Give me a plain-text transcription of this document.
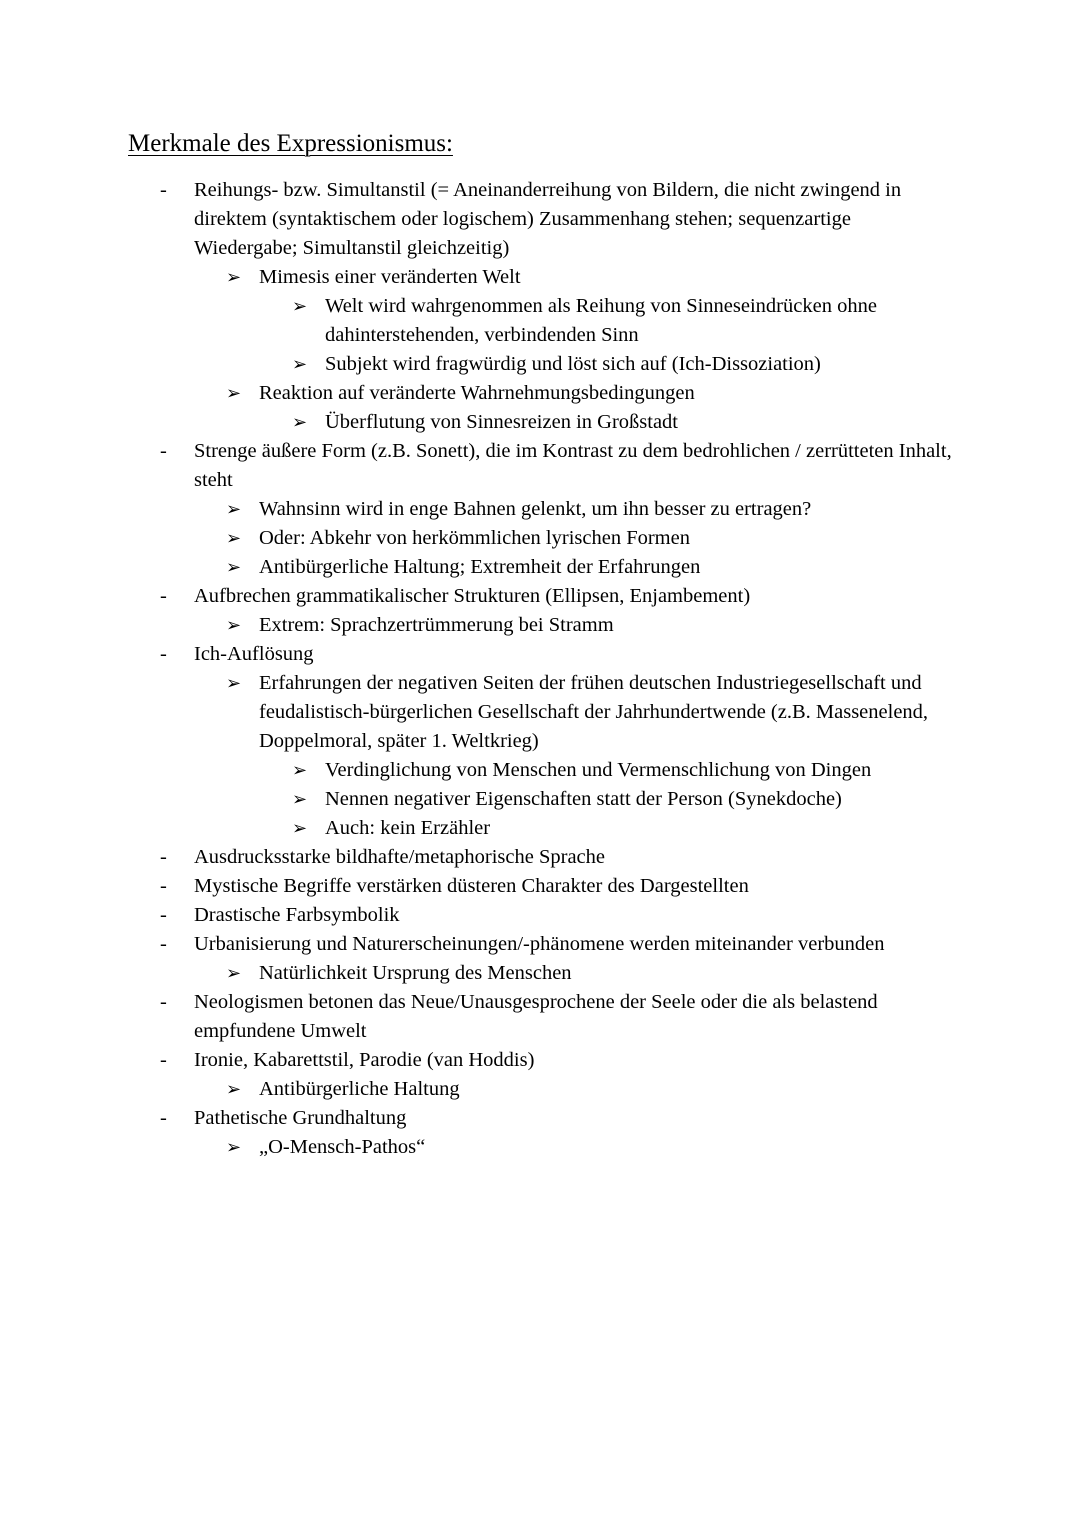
Merkmale des Expressionismus:
- Reihungs- bzw. Simultanstil (= Aneinanderreihung von Bildern, die nicht zwingend in direktem (syntaktischem oder logischem) Zusammenhang stehen; sequenzartige Wiedergabe; Simultanstil gleichzeitig)
➢ Mimesis einer veränderten Welt
➢ Welt wird wahrgenommen als Reihung von Sinneseindrücken ohne dahinterstehenden, verbindenden Sinn
➢ Subjekt wird fragwürdig und löst sich auf (Ich-Dissoziation)
➢ Reaktion auf veränderte Wahrnehmungsbedingungen
➢ Überflutung von Sinnesreizen in Großstadt
- Strenge äußere Form (z.B. Sonett), die im Kontrast zu dem bedrohlichen / zerrütteten Inhalt, steht
➢ Wahnsinn wird in enge Bahnen gelenkt, um ihn besser zu ertragen?
➢ Oder: Abkehr von herkömmlichen lyrischen Formen
➢ Antibürgerliche Haltung; Extremheit der Erfahrungen
- Aufbrechen grammatikalischer Strukturen (Ellipsen, Enjambement)
➢ Extrem: Sprachzertrümmerung bei Stramm
- Ich-Auflösung
➢ Erfahrungen der negativen Seiten der frühen deutschen Industriegesellschaft und feudalistisch-bürgerlichen Gesellschaft der Jahrhundertwende (z.B. Massenelend, Doppelmoral, später 1. Weltkrieg)
➢ Verdinglichung von Menschen und Vermenschlichung von Dingen
➢ Nennen negativer Eigenschaften statt der Person (Synekdoche)
➢ Auch: kein Erzähler
- Ausdrucksstarke bildhafte/metaphorische Sprache
- Mystische Begriffe verstärken düsteren Charakter des Dargestellten
- Drastische Farbsymbolik
- Urbanisierung und Naturerscheinungen/-phänomene werden miteinander verbunden
➢ Natürlichkeit Ursprung des Menschen
- Neologismen betonen das Neue/Unausgesprochene der Seele oder die als belastend empfundene Umwelt
- Ironie, Kabarettstil, Parodie (van Hoddis)
➢ Antibürgerliche Haltung
- Pathetische Grundhaltung
➢ „O-Mensch-Pathos“
